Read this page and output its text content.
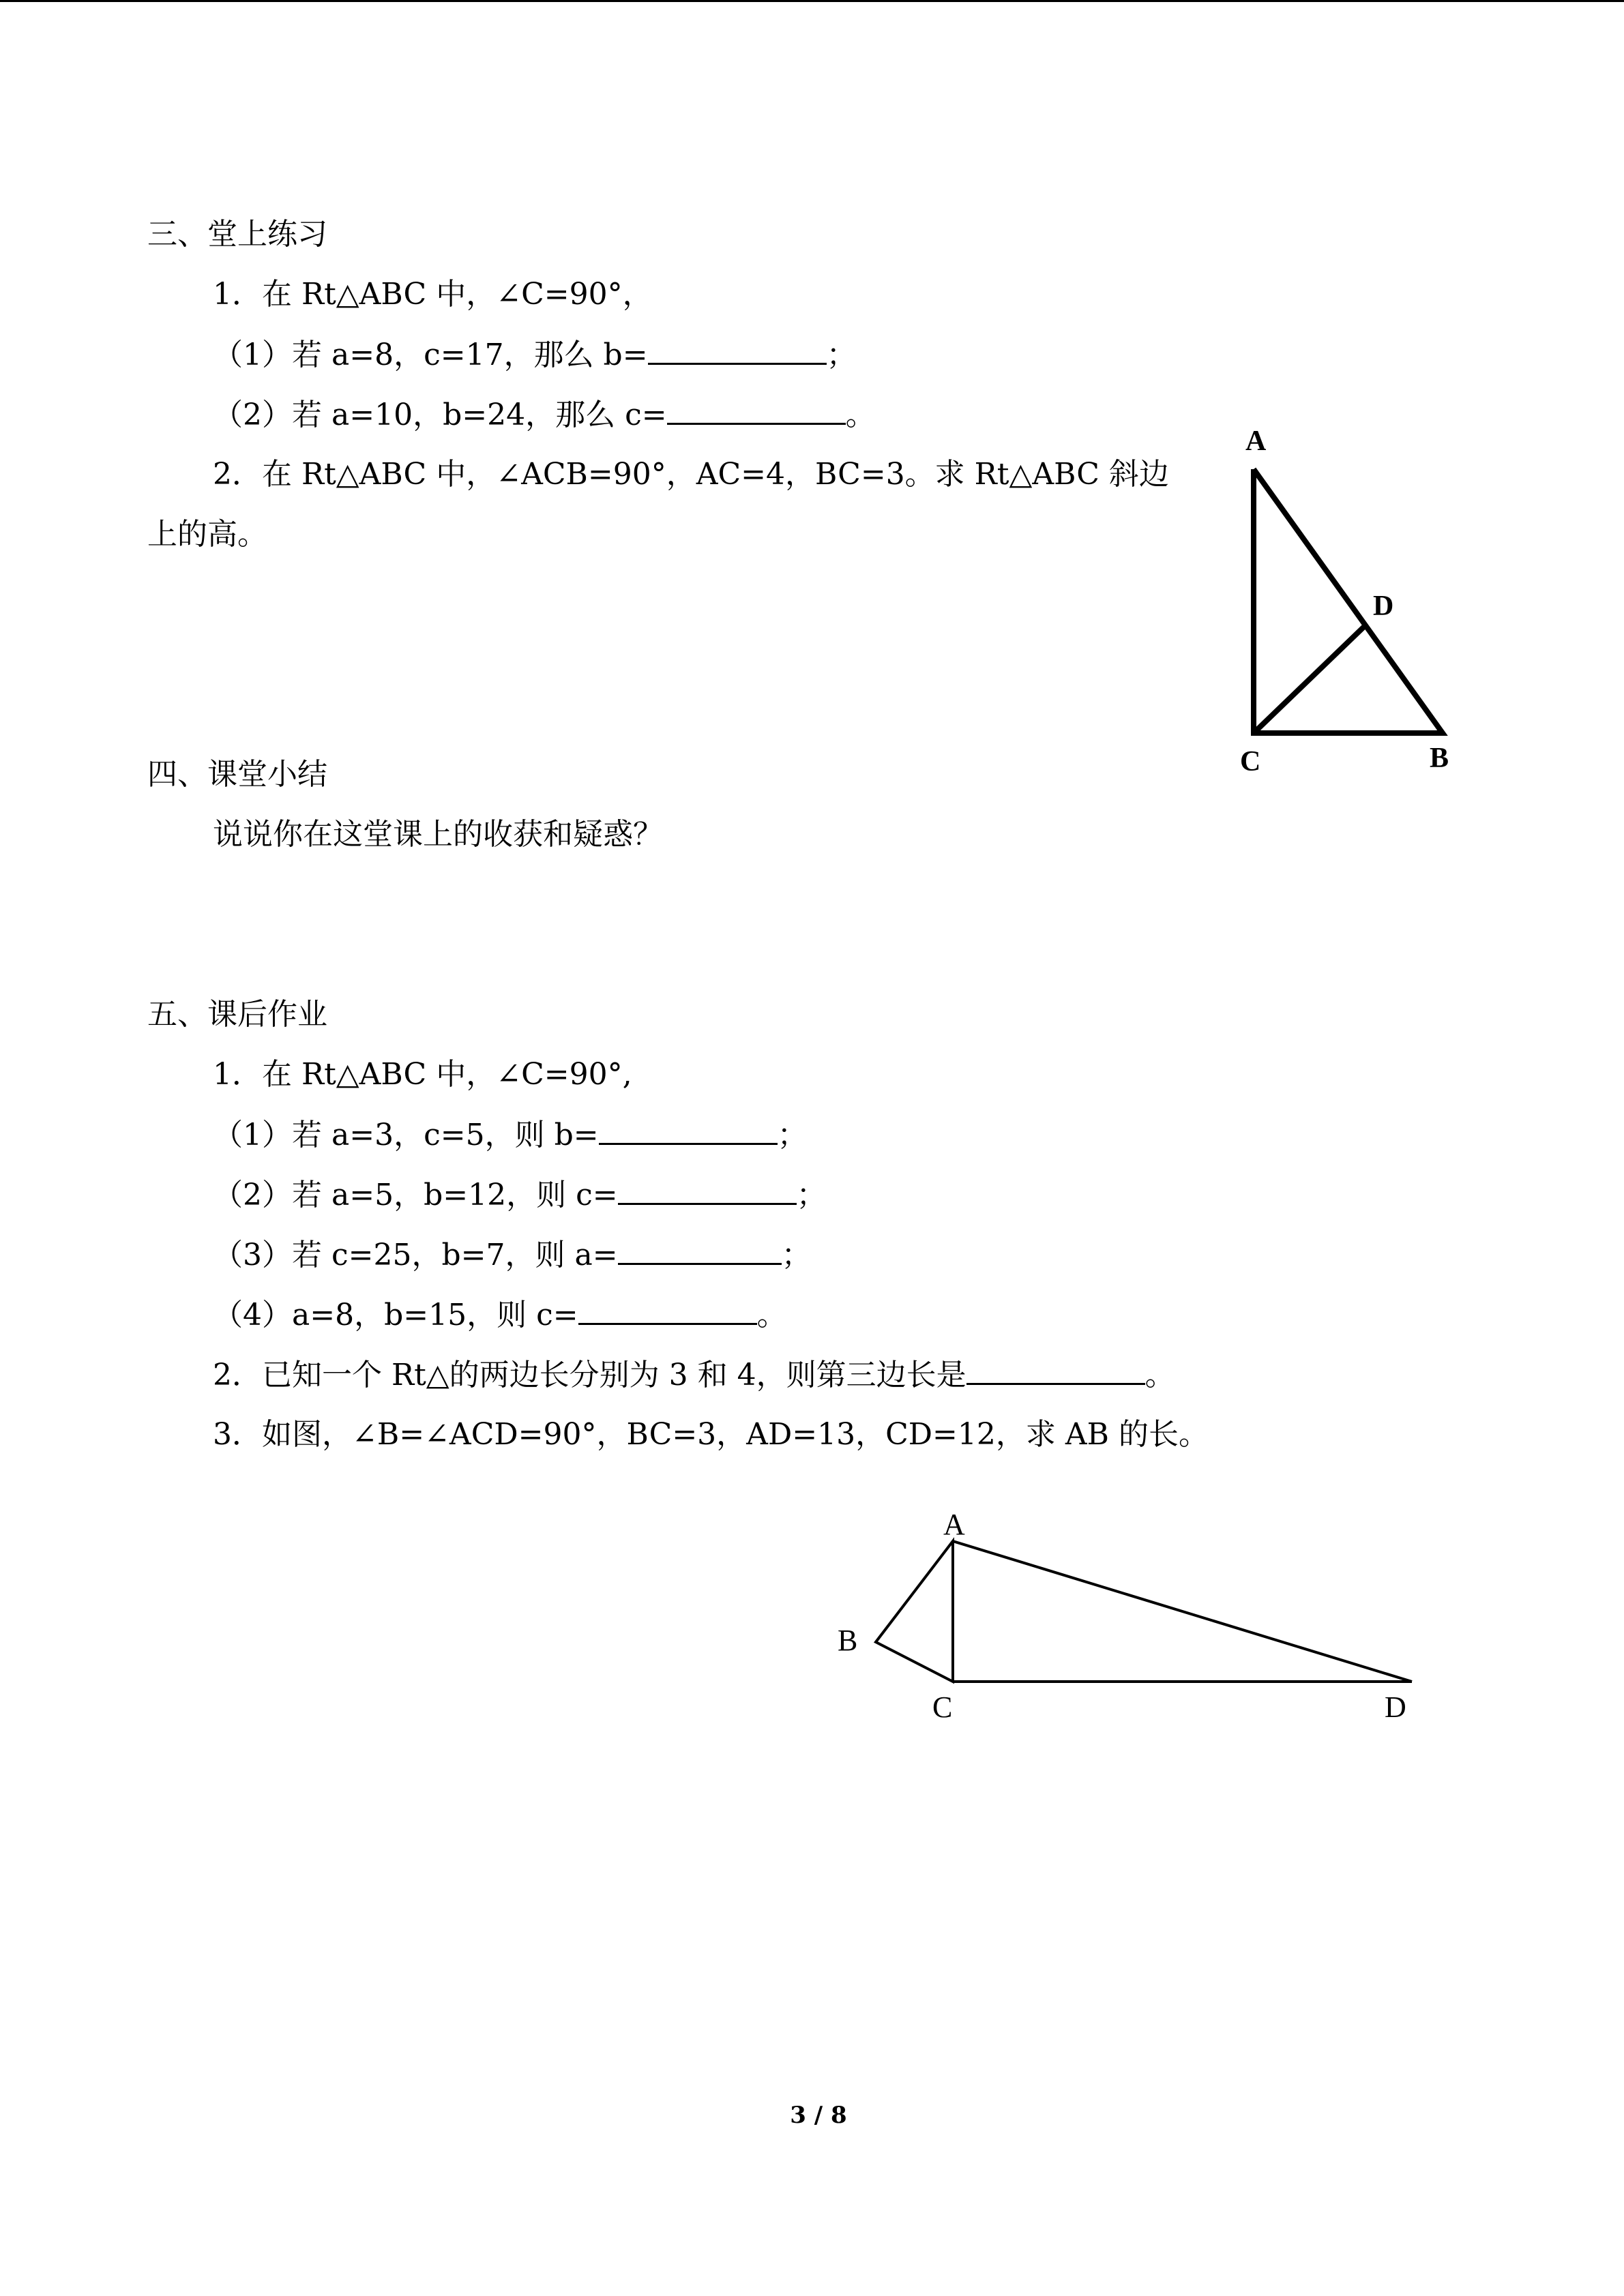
三、堂上练习
1．在 Rt△ABC 中，∠C=90°，
（1）若 a=8，c=17，那么 b=	；
（2）若 a=10，b=24，那么 c=	。
2．在 Rt△ABC 中，∠ACB=90°，AC=4，BC=3。求 Rt△ABC 斜边
上的高。
A
D
C	B
四、课堂小结
说说你在这堂课上的收获和疑惑？
五、课后作业
1．在 Rt△ABC 中，∠C=90°,
（1）若 a=3，c=5，则 b=	；
（2）若 a=5，b=12，则 c=	；
（3）若 c=25，b=7，则 a=	；
（4）a=8，b=15，则 c=	。
2．已知一个 Rt△的两边长分别为 3 和 4，则第三边长是	。
3．如图，∠B=∠ACD=90°，BC=3，AD=13，CD=12，求 AB 的长。
A
B
C	D
3 / 8
